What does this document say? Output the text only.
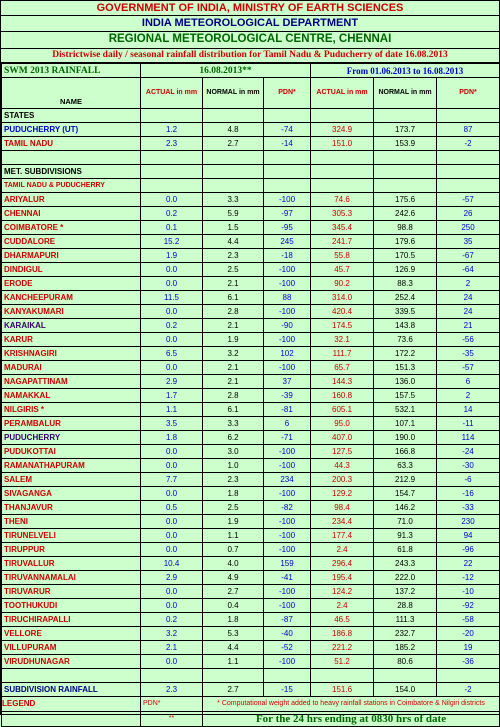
GOVERNMENT OF INDIA, MINISTRY OF EARTH SCIENCES
INDIA METEOROLOGICAL DEPARTMENT
REGIONAL METEOROLOGICAL CENTRE, CHENNAI
Districtwise daily / seasonal rainfall distribution for Tamil Nadu & Puducherry of date 16.08.2013
SWM 2013 RAINFALL	16.08.2013**			From 01.06.2013 to 16.08.2013		
NAME	ACTUAL in mm	NORMAL in mm	PDN*	ACTUAL in mm	NORMAL in mm	PDN*
STATES						
PUDUCHERRY (UT)	1.2	4.8	-74	324.9	173.7	87
TAMIL NADU	2.3	2.7	-14	151.0	153.9	-2

MET. SUBDIVISIONS						
TAMIL NADU & PUDUCHERRY						
ARIYALUR	0.0	3.3	-100	74.6	175.6	-57
CHENNAI	0.2	5.9	-97	305.3	242.6	26
COIMBATORE *	0.1	1.5	-95	345.4	98.8	250
CUDDALORE	15.2	4.4	245	241.7	179.6	35
DHARMAPURI	1.9	2.3	-18	55.8	170.5	-67
DINDIGUL	0.0	2.5	-100	45.7	126.9	-64
ERODE	0.0	2.1	-100	90.2	88.3	2
KANCHEEPURAM	11.5	6.1	88	314.0	252.4	24
KANYAKUMARI	0.0	2.8	-100	420.4	339.5	24
KARAIKAL	0.2	2.1	-90	174.5	143.8	21
KARUR	0.0	1.9	-100	32.1	73.6	-56
KRISHNAGIRI	6.5	3.2	102	111.7	172.2	-35
MADURAI	0.0	2.1	-100	65.7	151.3	-57
NAGAPATTINAM	2.9	2.1	37	144.3	136.0	6
NAMAKKAL	1.7	2.8	-39	160.8	157.5	2
NILGIRIS *	1.1	6.1	-81	605.1	532.1	14
PERAMBALUR	3.5	3.3	6	95.0	107.1	-11
PUDUCHERRY	1.8	6.2	-71	407.0	190.0	114
PUDUKOTTAI	0.0	3.0	-100	127.5	166.8	-24
RAMANATHAPURAM	0.0	1.0	-100	44.3	63.3	-30
SALEM	7.7	2.3	234	200.3	212.9	-6
SIVAGANGA	0.0	1.8	-100	129.2	154.7	-16
THANJAVUR	0.5	2.5	-82	98.4	146.2	-33
THENI	0.0	1.9	-100	234.4	71.0	230
TIRUNELVELI	0.0	1.1	-100	177.4	91.3	94
TIRUPPUR	0.0	0.7	-100	2.4	61.8	-96
TIRUVALLUR	10.4	4.0	159	296.4	243.3	22
TIRUVANNAMALAI	2.9	4.9	-41	195.4	222.0	-12
TIRUVARUR	0.0	2.7	-100	124.2	137.2	-10
TOOTHUKUDI	0.0	0.4	-100	2.4	28.8	-92
TIRUCHIRAPALLI	0.2	1.8	-87	46.5	111.3	-58
VELLORE	3.2	5.3	-40	186.8	232.7	-20
VILLUPURAM	2.1	4.4	-52	221.2	185.2	19
VIRUDHUNAGAR	0.0	1.1	-100	51.2	80.6	-36

SUBDIVISION RAINFALL	2.3	2.7	-15	151.6	154.0	-2
LEGEND	PDN*	* Computational weight added to heavy rainfall stations in Coimbatore & Nilgiri districts				
	**	For the 24 hrs ending at 0830 hrs of date				
